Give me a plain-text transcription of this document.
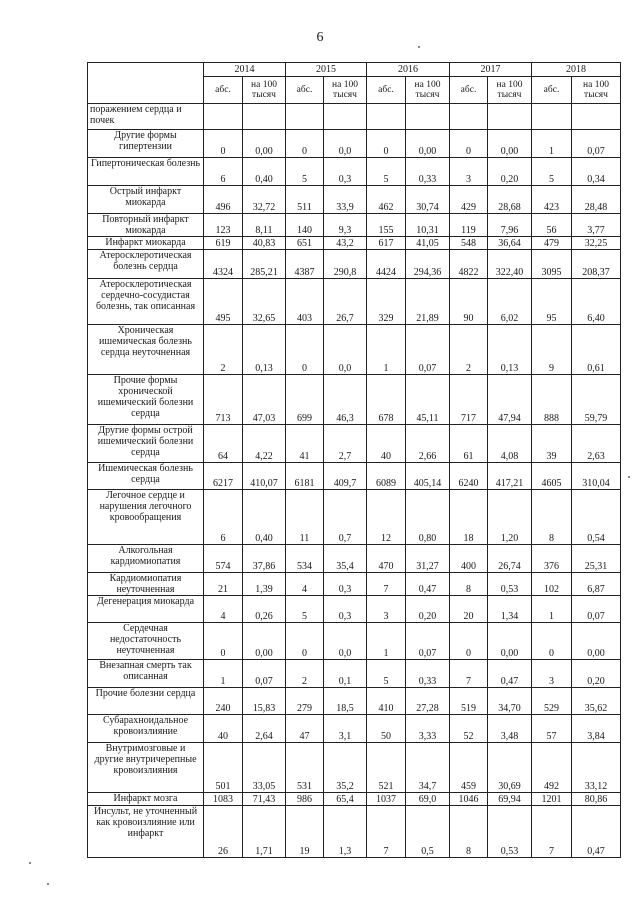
6
	2014		2015		2016		2017		2018	
	абс.	на 100 тысяч	абс.	на 100 тысяч	абс.	на 100 тысяч	абс.	на 100 тысяч	абс.	на 100 тысяч
поражением сердца и почек										
Другие формы гипертензии	0	0,00	0	0,0	0	0,00	0	0,00	1	0,07
Гипертоническая болезнь	6	0,40	5	0,3	5	0,33	3	0,20	5	0,34
Острый инфаркт миокарда	496	32,72	511	33,9	462	30,74	429	28,68	423	28,48
Повторный инфаркт миокарда	123	8,11	140	9,3	155	10,31	119	7,96	56	3,77
Инфаркт миокарда	619	40,83	651	43,2	617	41,05	548	36,64	479	32,25
Атеросклеротическая болезнь сердца	4324	285,21	4387	290,8	4424	294,36	4822	322,40	3095	208,37
Атеросклеротическая сердечно-сосудистая болезнь, так описанная	495	32,65	403	26,7	329	21,89	90	6,02	95	6,40
Хроническая ишемическая болезнь сердца неуточненная	2	0,13	0	0,0	1	0,07	2	0,13	9	0,61
Прочие формы хронической ишемический болезни сердца	713	47,03	699	46,3	678	45,11	717	47,94	888	59,79
Другие формы острой ишемический болезни сердца	64	4,22	41	2,7	40	2,66	61	4,08	39	2,63
Ишемическая болезнь сердца	6217	410,07	6181	409,7	6089	405,14	6240	417,21	4605	310,04
Легочное сердце и нарушения легочного кровообращения	6	0,40	11	0,7	12	0,80	18	1,20	8	0,54
Алкогольная кардиомиопатия	574	37,86	534	35,4	470	31,27	400	26,74	376	25,31
Кардиомиопатия неуточненная	21	1,39	4	0,3	7	0,47	8	0,53	102	6,87
Дегенерация миокарда	4	0,26	5	0,3	3	0,20	20	1,34	1	0,07
Сердечная недостаточность неуточненная	0	0,00	0	0,0	1	0,07	0	0,00	0	0,00
Внезапная смерть так описанная	1	0,07	2	0,1	5	0,33	7	0,47	3	0,20
Прочие болезни сердца	240	15,83	279	18,5	410	27,28	519	34,70	529	35,62
Субарахноидальное кровоизлияние	40	2,64	47	3,1	50	3,33	52	3,48	57	3,84
Внутримозговые и другие внутричерепные кровоизлияния	501	33,05	531	35,2	521	34,7	459	30,69	492	33,12
Инфаркт мозга	1083	71,43	986	65,4	1037	69,0	1046	69,94	1201	80,86
Инсульт, не уточненный как кровоизлияние или инфаркт	26	1,71	19	1,3	7	0,5	8	0,53	7	0,47
